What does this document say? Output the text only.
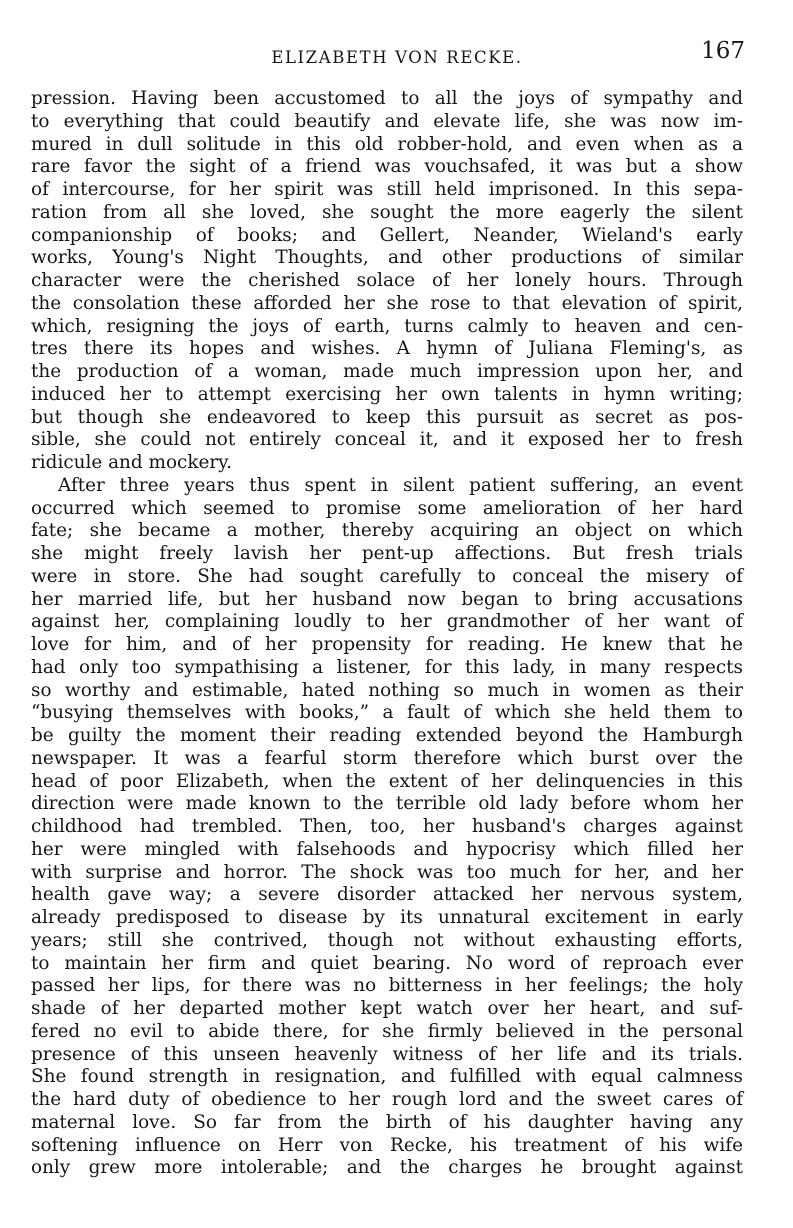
ELIZABETH VON RECKE.	167
pression. Having been accustomed to all the joys of sympathy and
to everything that could beautify and elevate life, she was now im-
mured in dull solitude in this old robber-hold, and even when as a
rare favor the sight of a friend was vouchsafed, it was but a show
of intercourse, for her spirit was still held imprisoned. In this sepa-
ration from all she loved, she sought the more eagerly the silent
companionship of books; and Gellert, Neander, Wieland's early
works, Young's Night Thoughts, and other productions of similar
character were the cherished solace of her lonely hours. Through
the consolation these afforded her she rose to that elevation of spirit,
which, resigning the joys of earth, turns calmly to heaven and cen-
tres there its hopes and wishes. A hymn of Juliana Fleming's, as
the production of a woman, made much impression upon her, and
induced her to attempt exercising her own talents in hymn writing;
but though she endeavored to keep this pursuit as secret as pos-
sible, she could not entirely conceal it, and it exposed her to fresh
ridicule and mockery.
After three years thus spent in silent patient suffering, an event
occurred which seemed to promise some amelioration of her hard
fate; she became a mother, thereby acquiring an object on which
she might freely lavish her pent-up affections. But fresh trials
were in store. She had sought carefully to conceal the misery of
her married life, but her husband now began to bring accusations
against her, complaining loudly to her grandmother of her want of
love for him, and of her propensity for reading. He knew that he
had only too sympathising a listener, for this lady, in many respects
so worthy and estimable, hated nothing so much in women as their
“busying themselves with books,” a fault of which she held them to
be guilty the moment their reading extended beyond the Hamburgh
newspaper. It was a fearful storm therefore which burst over the
head of poor Elizabeth, when the extent of her delinquencies in this
direction were made known to the terrible old lady before whom her
childhood had trembled. Then, too, her husband's charges against
her were mingled with falsehoods and hypocrisy which filled her
with surprise and horror. The shock was too much for her, and her
health gave way; a severe disorder attacked her nervous system,
already predisposed to disease by its unnatural excitement in early
years; still she contrived, though not without exhausting efforts,
to maintain her firm and quiet bearing. No word of reproach ever
passed her lips, for there was no bitterness in her feelings; the holy
shade of her departed mother kept watch over her heart, and suf-
fered no evil to abide there, for she firmly believed in the personal
presence of this unseen heavenly witness of her life and its trials.
She found strength in resignation, and fulfilled with equal calmness
the hard duty of obedience to her rough lord and the sweet cares of
maternal love. So far from the birth of his daughter having any
softening influence on Herr von Recke, his treatment of his wife
only grew more intolerable; and the charges he brought against
